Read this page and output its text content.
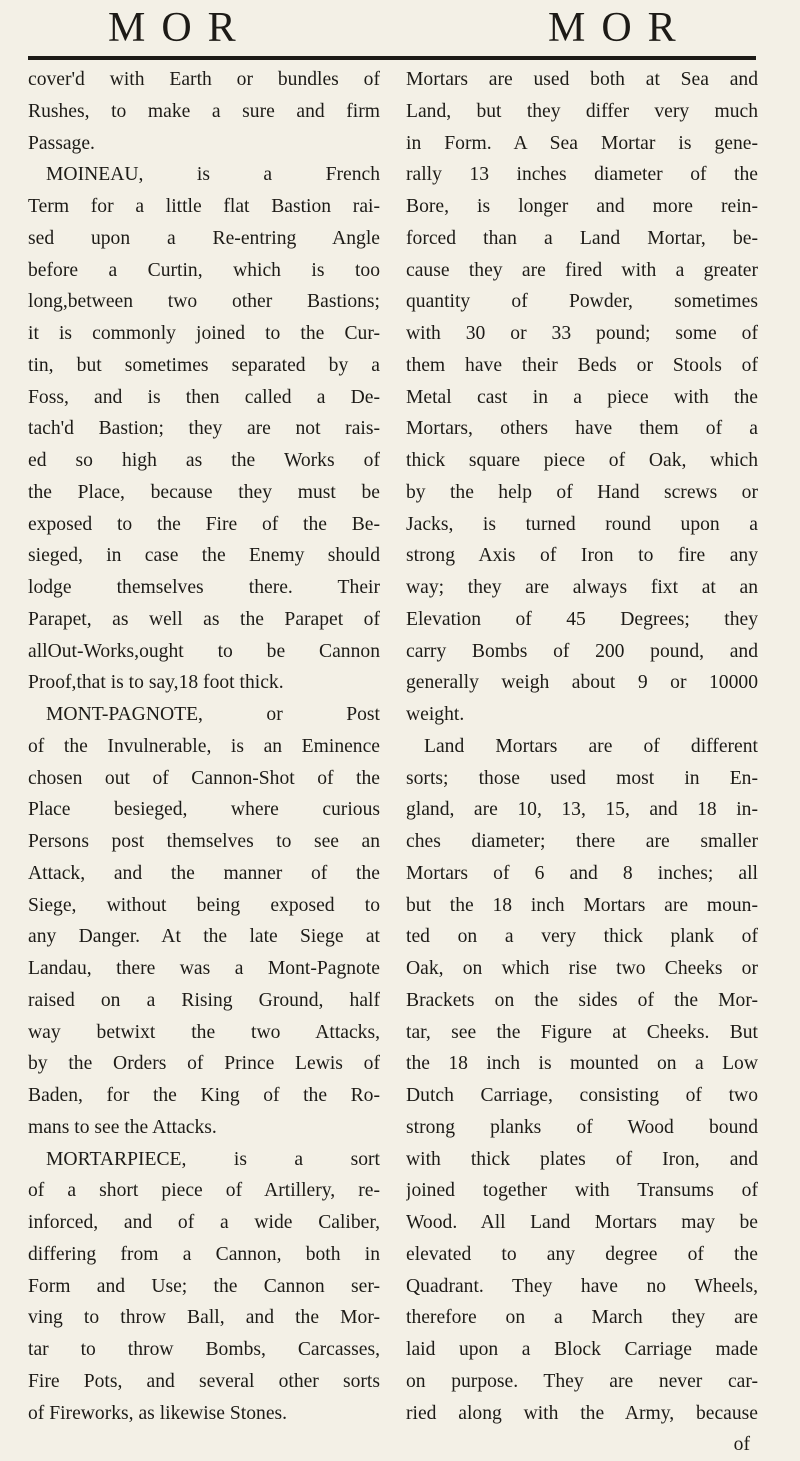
MOR	MOR
cover'd with Earth or bundles of
Rushes, to make a sure and firm
Passage.
MOINEAU, is a French
Term for a little flat Bastion rai-
sed upon a Re-entring Angle
before a Curtin, which is too
long,between two other Bastions;
it is commonly joined to the Cur-
tin, but sometimes separated by a
Foss, and is then called a De-
tach'd Bastion; they are not rais-
ed so high as the Works of
the Place, because they must be
exposed to the Fire of the Be-
sieged, in case the Enemy should
lodge themselves there. Their
Parapet, as well as the Parapet of
allOut-Works,ought to be Cannon
Proof,that is to say,18 foot thick.
MONT-PAGNOTE, or Post
of the Invulnerable, is an Eminence
chosen out of Cannon-Shot of the
Place besieged, where curious
Persons post themselves to see an
Attack, and the manner of the
Siege, without being exposed to
any Danger. At the late Siege at
Landau, there was a Mont-Pagnote
raised on a Rising Ground, half
way betwixt the two Attacks,
by the Orders of Prince Lewis of
Baden, for the King of the Ro-
mans to see the Attacks.
MORTARPIECE, is a sort
of a short piece of Artillery, re-
inforced, and of a wide Caliber,
differing from a Cannon, both in
Form and Use; the Cannon ser-
ving to throw Ball, and the Mor-
tar to throw Bombs, Carcasses,
Fire Pots, and several other sorts
of Fireworks, as likewise Stones.
Mortars are used both at Sea and
Land, but they differ very much
in Form. A Sea Mortar is gene-
rally 13 inches diameter of the
Bore, is longer and more rein-
forced than a Land Mortar, be-
cause they are fired with a greater
quantity of Powder, sometimes
with 30 or 33 pound; some of
them have their Beds or Stools of
Metal cast in a piece with the
Mortars, others have them of a
thick square piece of Oak, which
by the help of Hand screws or
Jacks, is turned round upon a
strong Axis of Iron to fire any
way; they are always fixt at an
Elevation of 45 Degrees; they
carry Bombs of 200 pound, and
generally weigh about 9 or 10000
weight.
Land Mortars are of different
sorts; those used most in En-
gland, are 10, 13, 15, and 18 in-
ches diameter; there are smaller
Mortars of 6 and 8 inches; all
but the 18 inch Mortars are moun-
ted on a very thick plank of
Oak, on which rise two Cheeks or
Brackets on the sides of the Mor-
tar, see the Figure at Cheeks. But
the 18 inch is mounted on a Low
Dutch Carriage, consisting of two
strong planks of Wood bound
with thick plates of Iron, and
joined together with Transums of
Wood. All Land Mortars may be
elevated to any degree of the
Quadrant. They have no Wheels,
therefore on a March they are
laid upon a Block Carriage made
on purpose. They are never car-
ried along with the Army, because
of
